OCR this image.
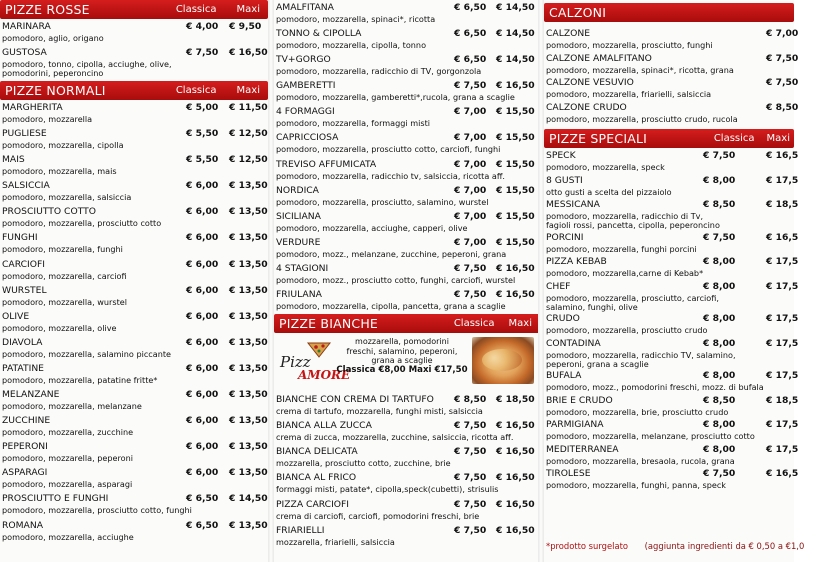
PIZZE ROSSE	Classica Maxi
MARINARA	€ 4,00 € 9,50
pomodoro, aglio, origano
GUSTOSA	€ 7,50 € 16,50
pomodoro, tonno, cipolla, acciughe, olive,
pomodorini, peperoncino
PIZZE NORMALI	Classica Maxi
MARGHERITA	€ 5,00 € 11,50
pomodoro, mozzarella
PUGLIESE	€ 5,50 € 12,50
pomodoro, mozzarella, cipolla
MAIS	€ 5,50 € 12,50
pomodoro, mozzarella, mais
SALSICCIA	€ 6,00 € 13,50
pomodoro, mozzarella, salsiccia
PROSCIUTTO COTTO	€ 6,00 € 13,50
pomodoro, mozzarella, prosciutto cotto
FUNGHI	€ 6,00 € 13,50
pomodoro, mozzarella, funghi
CARCIOFI	€ 6,00 € 13,50
pomodoro, mozzarella, carciofi
WURSTEL	€ 6,00 € 13,50
pomodoro, mozzarella, wurstel
OLIVE	€ 6,00 € 13,50
pomodoro, mozzarella, olive
DIAVOLA	€ 6,00 € 13,50
pomodoro, mozzarella, salamino piccante
PATATINE	€ 6,00 € 13,50
pomodoro, mozzarella, patatine fritte*
MELANZANE	€ 6,00 € 13,50
pomodoro, mozzarella, melanzane
ZUCCHINE	€ 6,00 € 13,50
pomodoro, mozzarella, zucchine
PEPERONI	€ 6,00 € 13,50
pomodoro, mozzarella, peperoni
ASPARAGI	€ 6,00 € 13,50
pomodoro, mozzarella, asparagi
PROSCIUTTO E FUNGHI	€ 6,50 € 14,50
pomodoro, mozzarella, prosciutto cotto, funghi
ROMANA	€ 6,50 € 13,50
pomodoro, mozzarella, acciughe
AMALFITANA	€ 6,50 € 14,50
pomodoro, mozzarella, spinaci*, ricotta
TONNO & CIPOLLA	€ 6,50 € 14,50
pomodoro, mozzarella, cipolla, tonno
TV+GORGO	€ 6,50 € 14,50
pomodoro, mozzarella, radicchio di TV, gorgonzola
GAMBERETTI	€ 7,50 € 16,50
pomodoro, mozzarella, gamberetti*,rucola, grana a scaglie
4 FORMAGGI	€ 7,00 € 15,50
pomodoro, mozzarella, formaggi misti
CAPRICCIOSA	€ 7,00 € 15,50
pomodoro, mozzarella, prosciutto cotto, carciofi, funghi
TREVISO AFFUMICATA	€ 7,00 € 15,50
pomodoro, mozzarella, radicchio tv, salsiccia, ricotta aff.
NORDICA	€ 7,00 € 15,50
pomodoro, mozzarella, prosciutto, salamino, wurstel
SICILIANA	€ 7,00 € 15,50
pomodoro, mozzarella, acciughe, capperi, olive
VERDURE	€ 7,00 € 15,50
pomodoro, mozz., melanzane, zucchine, peperoni, grana
4 STAGIONI	€ 7,50 € 16,50
pomodoro, mozz., prosciutto cotto, funghi, carciofi, wurstel
FRIULANA	€ 7,50 € 16,50
pomodoro, mozzarella, cipolla, pancetta, grana a scaglie
PIZZE BIANCHE	Classica Maxi
Pizz
AMORE
mozzarella, pomodorini
freschi, salamino, peperoni,
grana a scaglie
Classica €8,00 Maxi €17,50
BIANCHE CON CREMA DI TARTUFO € 8,50 € 18,50
crema di tartufo, mozzarella, funghi misti, salsiccia
BIANCA ALLA ZUCCA	€ 7,50 € 16,50
crema di zucca, mozzarella, zucchine, salsiccia, ricotta aff.
BIANCA DELICATA	€ 7,50 € 16,50
mozzarella, prosciutto cotto, zucchine, brie
BIANCA AL FRICO	€ 7,50 € 16,50
formaggi misti, patate*, cipolla,speck(cubetti), strisulis
PIZZA CARCIOFI	€ 7,50 € 16,50
crema di carciofi, carciofi, pomodorini freschi, brie
FRIARIELLI	€ 7,50 € 16,50
mozzarella, friarielli, salsiccia
CALZONI
CALZONE	€ 7,00
pomodoro, mozzarella, prosciutto, funghi
CALZONE AMALFITANO	€ 7,50
pomodoro, mozzarella, spinaci*, ricotta, grana
CALZONE VESUVIO	€ 7,50
pomodoro, mozzarella, friarielli, salsiccia
CALZONE CRUDO	€ 8,50
pomodoro, mozzarella, prosciutto crudo, rucola
PIZZE SPECIALI	Classica Maxi
SPECK	€ 7,50	€ 16,5
pomodoro, mozzarella, speck
8 GUSTI	€ 8,00	€ 17,5
otto gusti a scelta del pizzaiolo
MESSICANA	€ 8,50	€ 18,5
pomodoro, mozzarella, radicchio di Tv,
fagioli rossi, pancetta, cipolla, peperoncino
PORCINI	€ 7,50	€ 16,5
pomodoro, mozzarella, funghi porcini
PIZZA KEBAB	€ 8,00	€ 17,5
pomodoro, mozzarella,carne di Kebab*
CHEF	€ 8,00	€ 17,5
pomodoro, mozzarella, prosciutto, carciofi,
salamino, funghi, olive
CRUDO	€ 8,00	€ 17,5
pomodoro, mozzarella, prosciutto crudo
CONTADINA	€ 8,00	€ 17,5
pomodoro, mozzarella, radicchio TV, salamino,
peperoni, grana a scaglie
BUFALA	€ 8,00	€ 17,5
pomodoro, mozz., pomodorini freschi, mozz. di bufala
BRIE E CRUDO	€ 8,50	€ 18,5
pomodoro, mozzarella, brie, prosciutto crudo
PARMIGIANA	€ 8,00	€ 17,5
pomodoro, mozzarella, melanzane, prosciutto cotto
MEDITERRANEA	€ 8,00	€ 17,5
pomodoro, mozzarella, bresaola, rucola, grana
TIROLESE	€ 7,50	€ 16,5
pomodoro, mozzarella, funghi, panna, speck
*prodotto surgelato (aggiunta ingredienti da € 0,50 a €1,0
